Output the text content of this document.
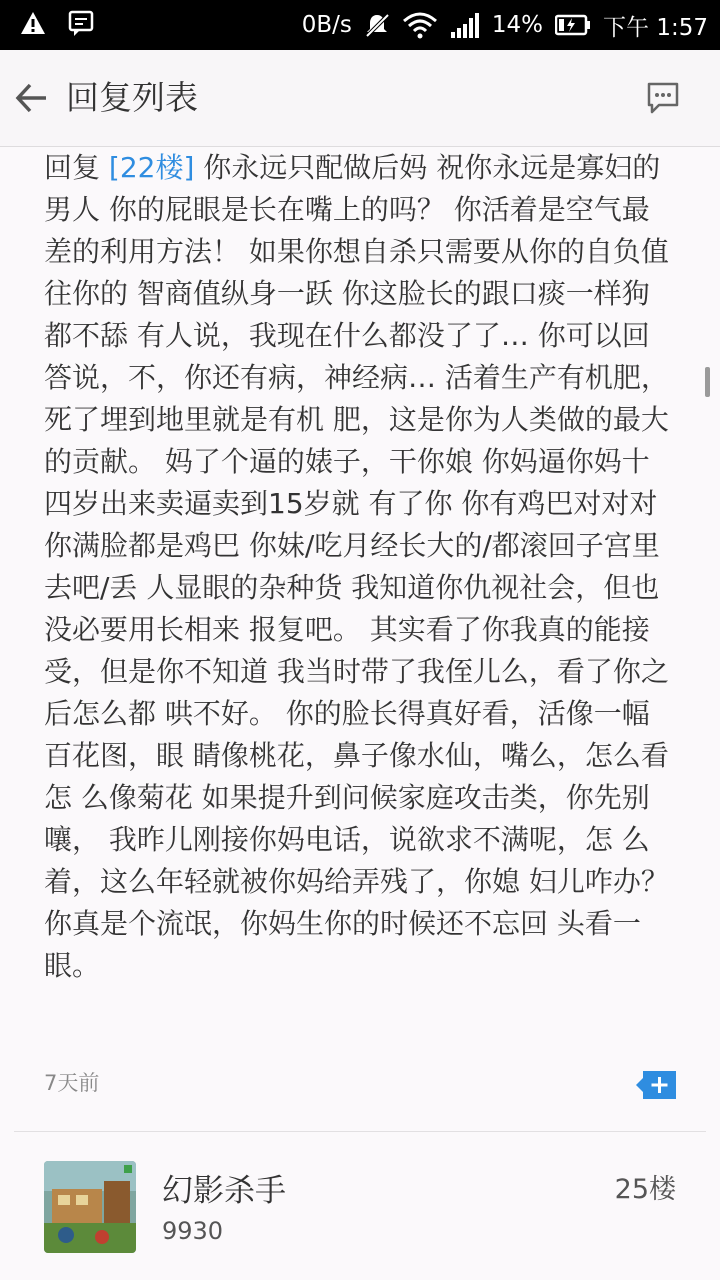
0B/s	14%	下午 1:57
回复列表
回复 [22楼] 你永远只配做后妈 祝你永远是寡妇的男人 你的屁眼是长在嘴上的吗？ 你活着是空气最差的利用方法！ 如果你想自杀只需要从你的自负值往你的 智商值纵身一跃 你这脸长的跟口痰一样狗都不舔 有人说，我现在什么都没了了… 你可以回 答说，不，你还有病，神经病… 活着生产有机肥，死了埋到地里就是有机 肥，这是你为人类做的最大的贡献。 妈了个逼的婊子，干你娘 你妈逼你妈十四岁出来卖逼卖到15岁就 有了你 你有鸡巴对对对你满脸都是鸡巴 你妹/吃月经长大的/都滚回子宫里去吧/丢 人显眼的杂种货 我知道你仇视社会，但也没必要用长相来 报复吧。 其实看了你我真的能接受，但是你不知道 我当时带了我侄儿么，看了你之后怎么都 哄不好。 你的脸长得真好看，活像一幅百花图，眼 睛像桃花，鼻子像水仙，嘴么，怎么看怎 么像菊花 如果提升到问候家庭攻击类，你先别嚷， 我昨儿刚接你妈电话，说欲求不满呢，怎 么着，这么年轻就被你妈给弄残了，你媳 妇儿咋办？ 你真是个流氓，你妈生你的时候还不忘回 头看一眼。
7天前
幻影杀手
9930
25楼
